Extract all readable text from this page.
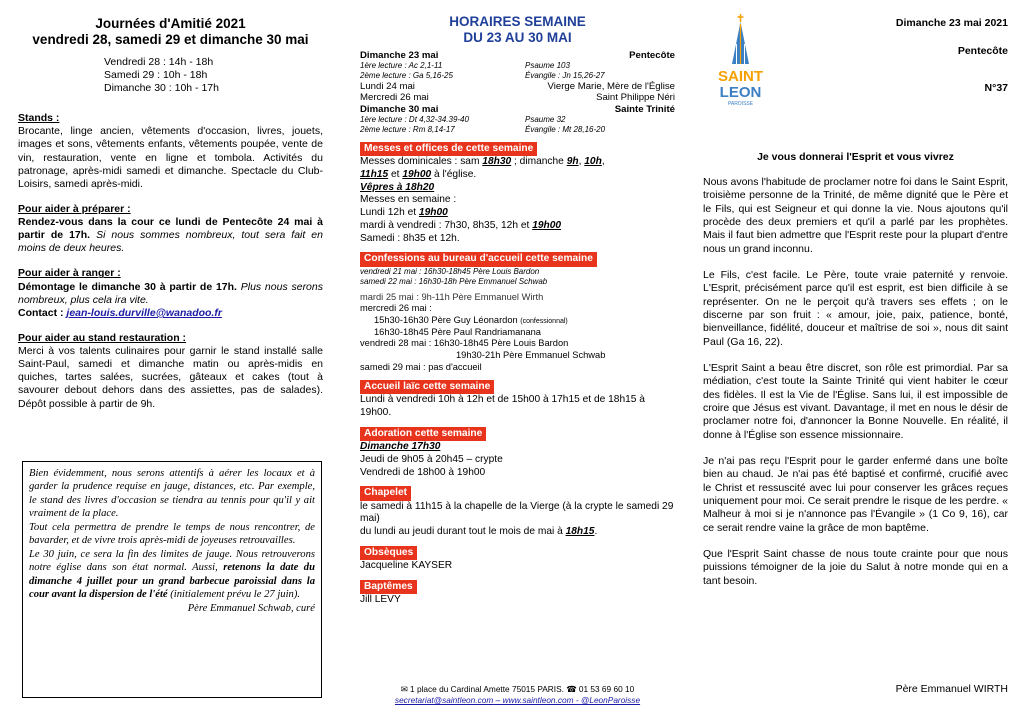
Journées d'Amitié 2021
vendredi 28, samedi 29 et dimanche 30 mai
Vendredi 28 : 14h - 18h
Samedi 29 : 10h - 18h
Dimanche 30 : 10h - 17h
Stands :
Brocante, linge ancien, vêtements d'occasion, livres, jouets, images et sons, vêtements enfants, vêtements poupée, vente de vin, restauration, vente en ligne et tombola. Activités du patronage, après-midi samedi et dimanche. Spectacle du Club-Loisirs, samedi après-midi.
Pour aider à préparer :
Rendez-vous dans la cour ce lundi de Pentecôte 24 mai à partir de 17h. Si nous sommes nombreux, tout sera fait en moins de deux heures.
Pour aider à ranger :
Démontage le dimanche 30 à partir de 17h. Plus nous serons nombreux, plus cela ira vite.
Contact : jean-louis.durville@wanadoo.fr
Pour aider au stand restauration :
Merci à vos talents culinaires pour garnir le stand installé salle Saint-Paul, samedi et dimanche matin ou après-midis en quiches, tartes salées, sucrées, gâteaux et cakes (tout à savourer debout dehors dans des assiettes, pas de salades). Dépôt possible à partir de 9h.

Bien évidemment, nous serons attentifs à aérer les locaux et à garder la prudence requise en jauge, distances, etc. Par exemple, le stand des livres d'occasion se tiendra au tennis pour qu'il y ait vraiment de la place.

Tout cela permettra de prendre le temps de nous rencontrer, de bavarder, et de vivre trois après-midi de joyeuses retrouvailles.

Le 30 juin, ce sera la fin des limites de jauge. Nous retrouverons notre église dans son état normal. Aussi, retenons la date du dimanche 4 juillet pour un grand barbecue paroissial dans la cour avant la dispersion de l'été (initialement prévu le 27 juin).

Père Emmanuel Schwab, curé

HORAIRES SEMAINE
DU 23 AU 30 MAI
Dimanche 23 mai	Pentecôte
1ère lecture : Ac 2,1-11	Psaume 103
2ème lecture : Ga 5,16-25	Évangile : Jn 15,26-27
Lundi 24 mai	Vierge Marie, Mère de l'Église
Mercredi 26 mai	Saint Philippe Néri
Dimanche 30 mai	Sainte Trinité
1ère lecture : Dt 4,32-34.39-40	Psaume 32
2ème lecture : Rm 8,14-17	Évangile : Mt 28,16-20
Messes et offices de cette semaine
Messes dominicales : sam 18h30 ; dimanche 9h, 10h,
11h15 et 19h00 à l'église.
Vêpres à 18h20
Messes en semaine :
Lundi 12h et 19h00
mardi à vendredi : 7h30, 8h35, 12h et 19h00
Samedi : 8h35 et 12h.
Confessions au bureau d'accueil cette semaine
vendredi 21 mai : 16h30-18h45 Père Louis Bardon
samedi 22 mai : 16h30-18h Père Emmanuel Schwab
mardi 25 mai : 9h-11h Père Emmanuel Wirth
mercredi 26 mai :
15h30-16h30 Père Guy Léonardon (confessionnal)
16h30-18h45 Père Paul Randriamanana
vendredi 28 mai : 16h30-18h45 Père Louis Bardon
19h30-21h Père Emmanuel Schwab
samedi 29 mai : pas d'accueil
Accueil laïc cette semaine
Lundi à vendredi 10h à 12h et de 15h00 à 17h15 et de 18h15 à 19h00.
Adoration cette semaine
Dimanche 17h30
Jeudi de 9h05 à 20h45 – crypte
Vendredi de 18h00 à 19h00
Chapelet
le samedi à 11h15 à la chapelle de la Vierge (à la crypte le samedi 29 mai)
du lundi au jeudi durant tout le mois de mai à 18h15.
Obsèques
Jacqueline KAYSER
Baptêmes
Jill LEVY
✉ 1 place du Cardinal Amette 75015 PARIS. ☎ 01 53 69 60 10
secretariat@saintleon.com – www.saintleon.com - @LeonParoisse
SAINT
LEON
PAROISSE
Dimanche 23 mai 2021
Pentecôte
N°37
Je vous donnerai l'Esprit et vous vivrez

Nous avons l'habitude de proclamer notre foi dans le Saint Esprit, troisième personne de la Trinité, de même dignité que le Père et le Fils, qui est Seigneur et qui donne la vie. Nous ajoutons qu'il procède des deux premiers et qu'il a parlé par les prophètes. Mais il faut bien admettre que l'Esprit reste pour la plupart d'entre nous un grand inconnu.

Le Fils, c'est facile. Le Père, toute vraie paternité y renvoie. L'Esprit, précisément parce qu'il est esprit, est bien difficile à se représenter. On ne le perçoit qu'à travers ses effets ; on le discerne par son fruit : « amour, joie, paix, patience, bonté, bienveillance, fidélité, douceur et maîtrise de soi », nous dit saint Paul (Ga 16, 22).

L'Esprit Saint a beau être discret, son rôle est primordial. Par sa médiation, c'est toute la Sainte Trinité qui vient habiter le cœur des fidèles. Il est la Vie de l'Église. Sans lui, il est impossible de croire que Jésus est vivant. Davantage, il met en nous le désir de proclamer notre foi, d'annoncer la Bonne Nouvelle. En réalité, il donne à l'Église son essence missionnaire.

Je n'ai pas reçu l'Esprit pour le garder enfermé dans une boîte bien au chaud. Je n'ai pas été baptisé et confirmé, crucifié avec le Christ et ressuscité avec lui pour conserver les grâces reçues uniquement pour moi. Ce serait prendre le risque de les perdre. « Malheur à moi si je n'annonce pas l'Évangile » (1 Co 9, 16), car ce serait rendre vaine la grâce de mon baptême.

Que l'Esprit Saint chasse de nous toute crainte pour que nous puissions témoigner de la joie du Salut à notre monde qui en a tant besoin.

Père Emmanuel WIRTH
